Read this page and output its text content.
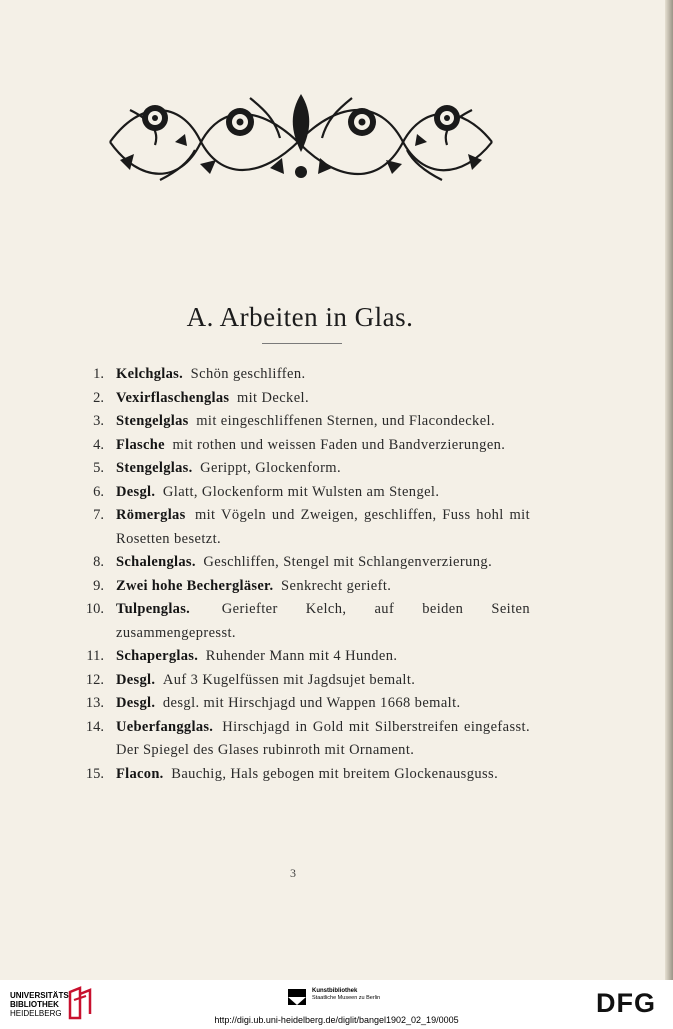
A. Arbeiten in Glas.
1. Kelchglas. Schön geschliffen.
2. Vexirflaschenglas mit Deckel.
3. Stengelglas mit eingeschliffenen Sternen, und Flacondeckel.
4. Flasche mit rothen und weissen Faden und Bandverzierungen.
5. Stengelglas. Gerippt, Glockenform.
6. Desgl. Glatt, Glockenform mit Wulsten am Stengel.
7. Römerglas mit Vögeln und Zweigen, geschliffen, Fuss hohl mit Rosetten besetzt.
8. Schalenglas. Geschliffen, Stengel mit Schlangenverzierung.
9. Zwei hohe Bechergläser. Senkrecht gerieft.
10. Tulpenglas. Geriefter Kelch, auf beiden Seiten zusammengepresst.
11. Schaperglas. Ruhender Mann mit 4 Hunden.
12. Desgl. Auf 3 Kugelfüssen mit Jagdsujet bemalt.
13. Desgl. desgl. mit Hirschjagd und Wappen 1668 bemalt.
14. Ueberfangglas. Hirschjagd in Gold mit Silberstreifen eingefasst. Der Spiegel des Glases rubinroth mit Ornament.
15. Flacon. Bauchig, Hals gebogen mit breitem Glockenausguss.
3
UNIVERSITÄTS-
BIBLIOTHEK
HEIDELBERG
Kunstbibliothek
Staatliche Museen zu Berlin	DFG
http://digi.ub.uni-heidelberg.de/diglit/bangel1902_02_19/0005
